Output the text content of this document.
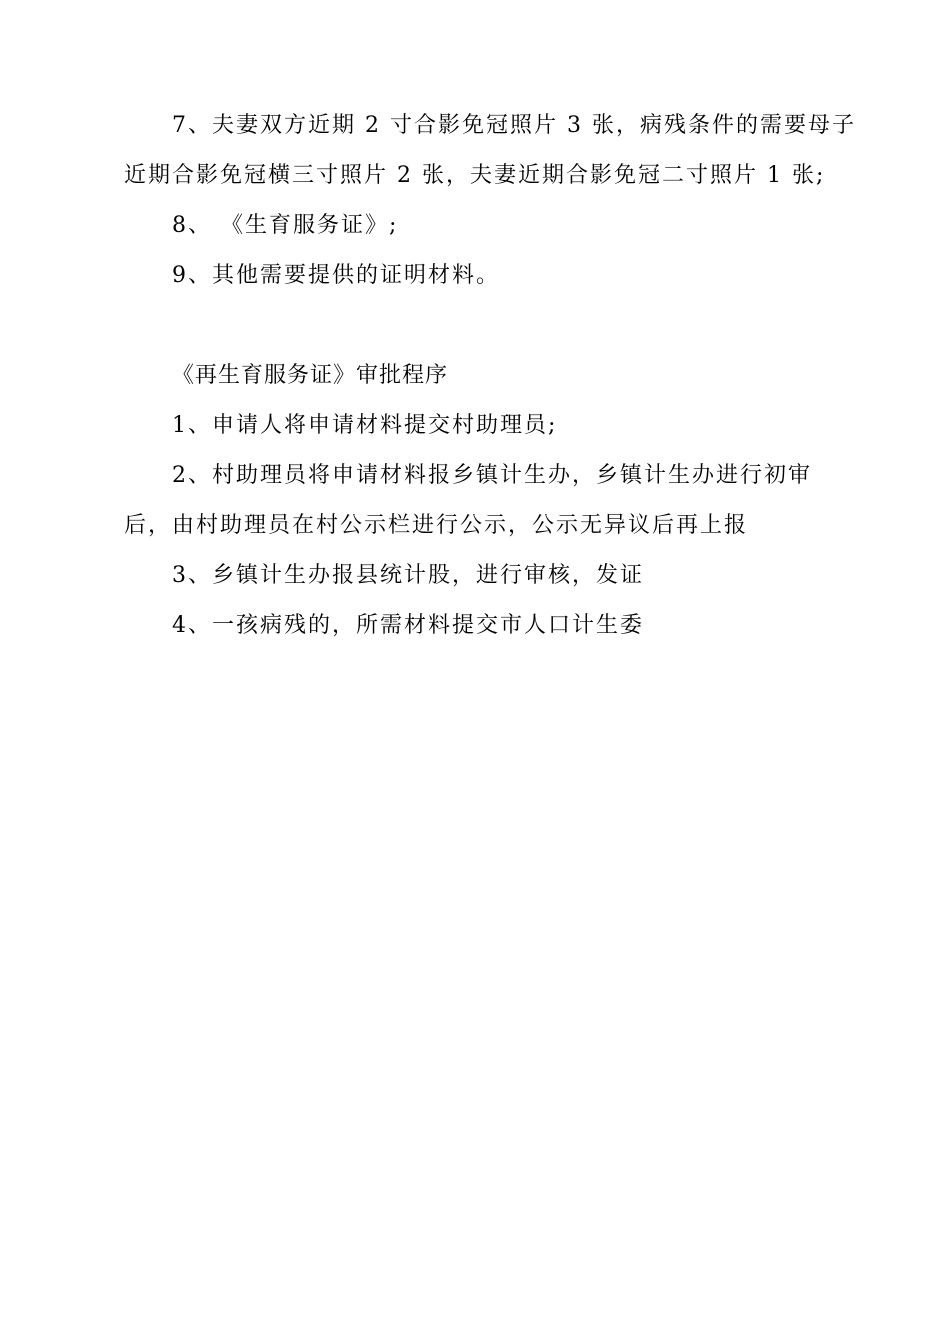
7、夫妻双方近期 2 寸合影免冠照片 3 张，病残条件的需要母子
近期合影免冠横三寸照片 2 张，夫妻近期合影免冠二寸照片 1 张;
8、 《生育服务证》;
9、其他需要提供的证明材料。
《再生育服务证》审批程序
1、申请人将申请材料提交村助理员;
2、村助理员将申请材料报乡镇计生办，乡镇计生办进行初审
后，由村助理员在村公示栏进行公示，公示无异议后再上报
3、乡镇计生办报县统计股，进行审核，发证
4、一孩病残的，所需材料提交市人口计生委
